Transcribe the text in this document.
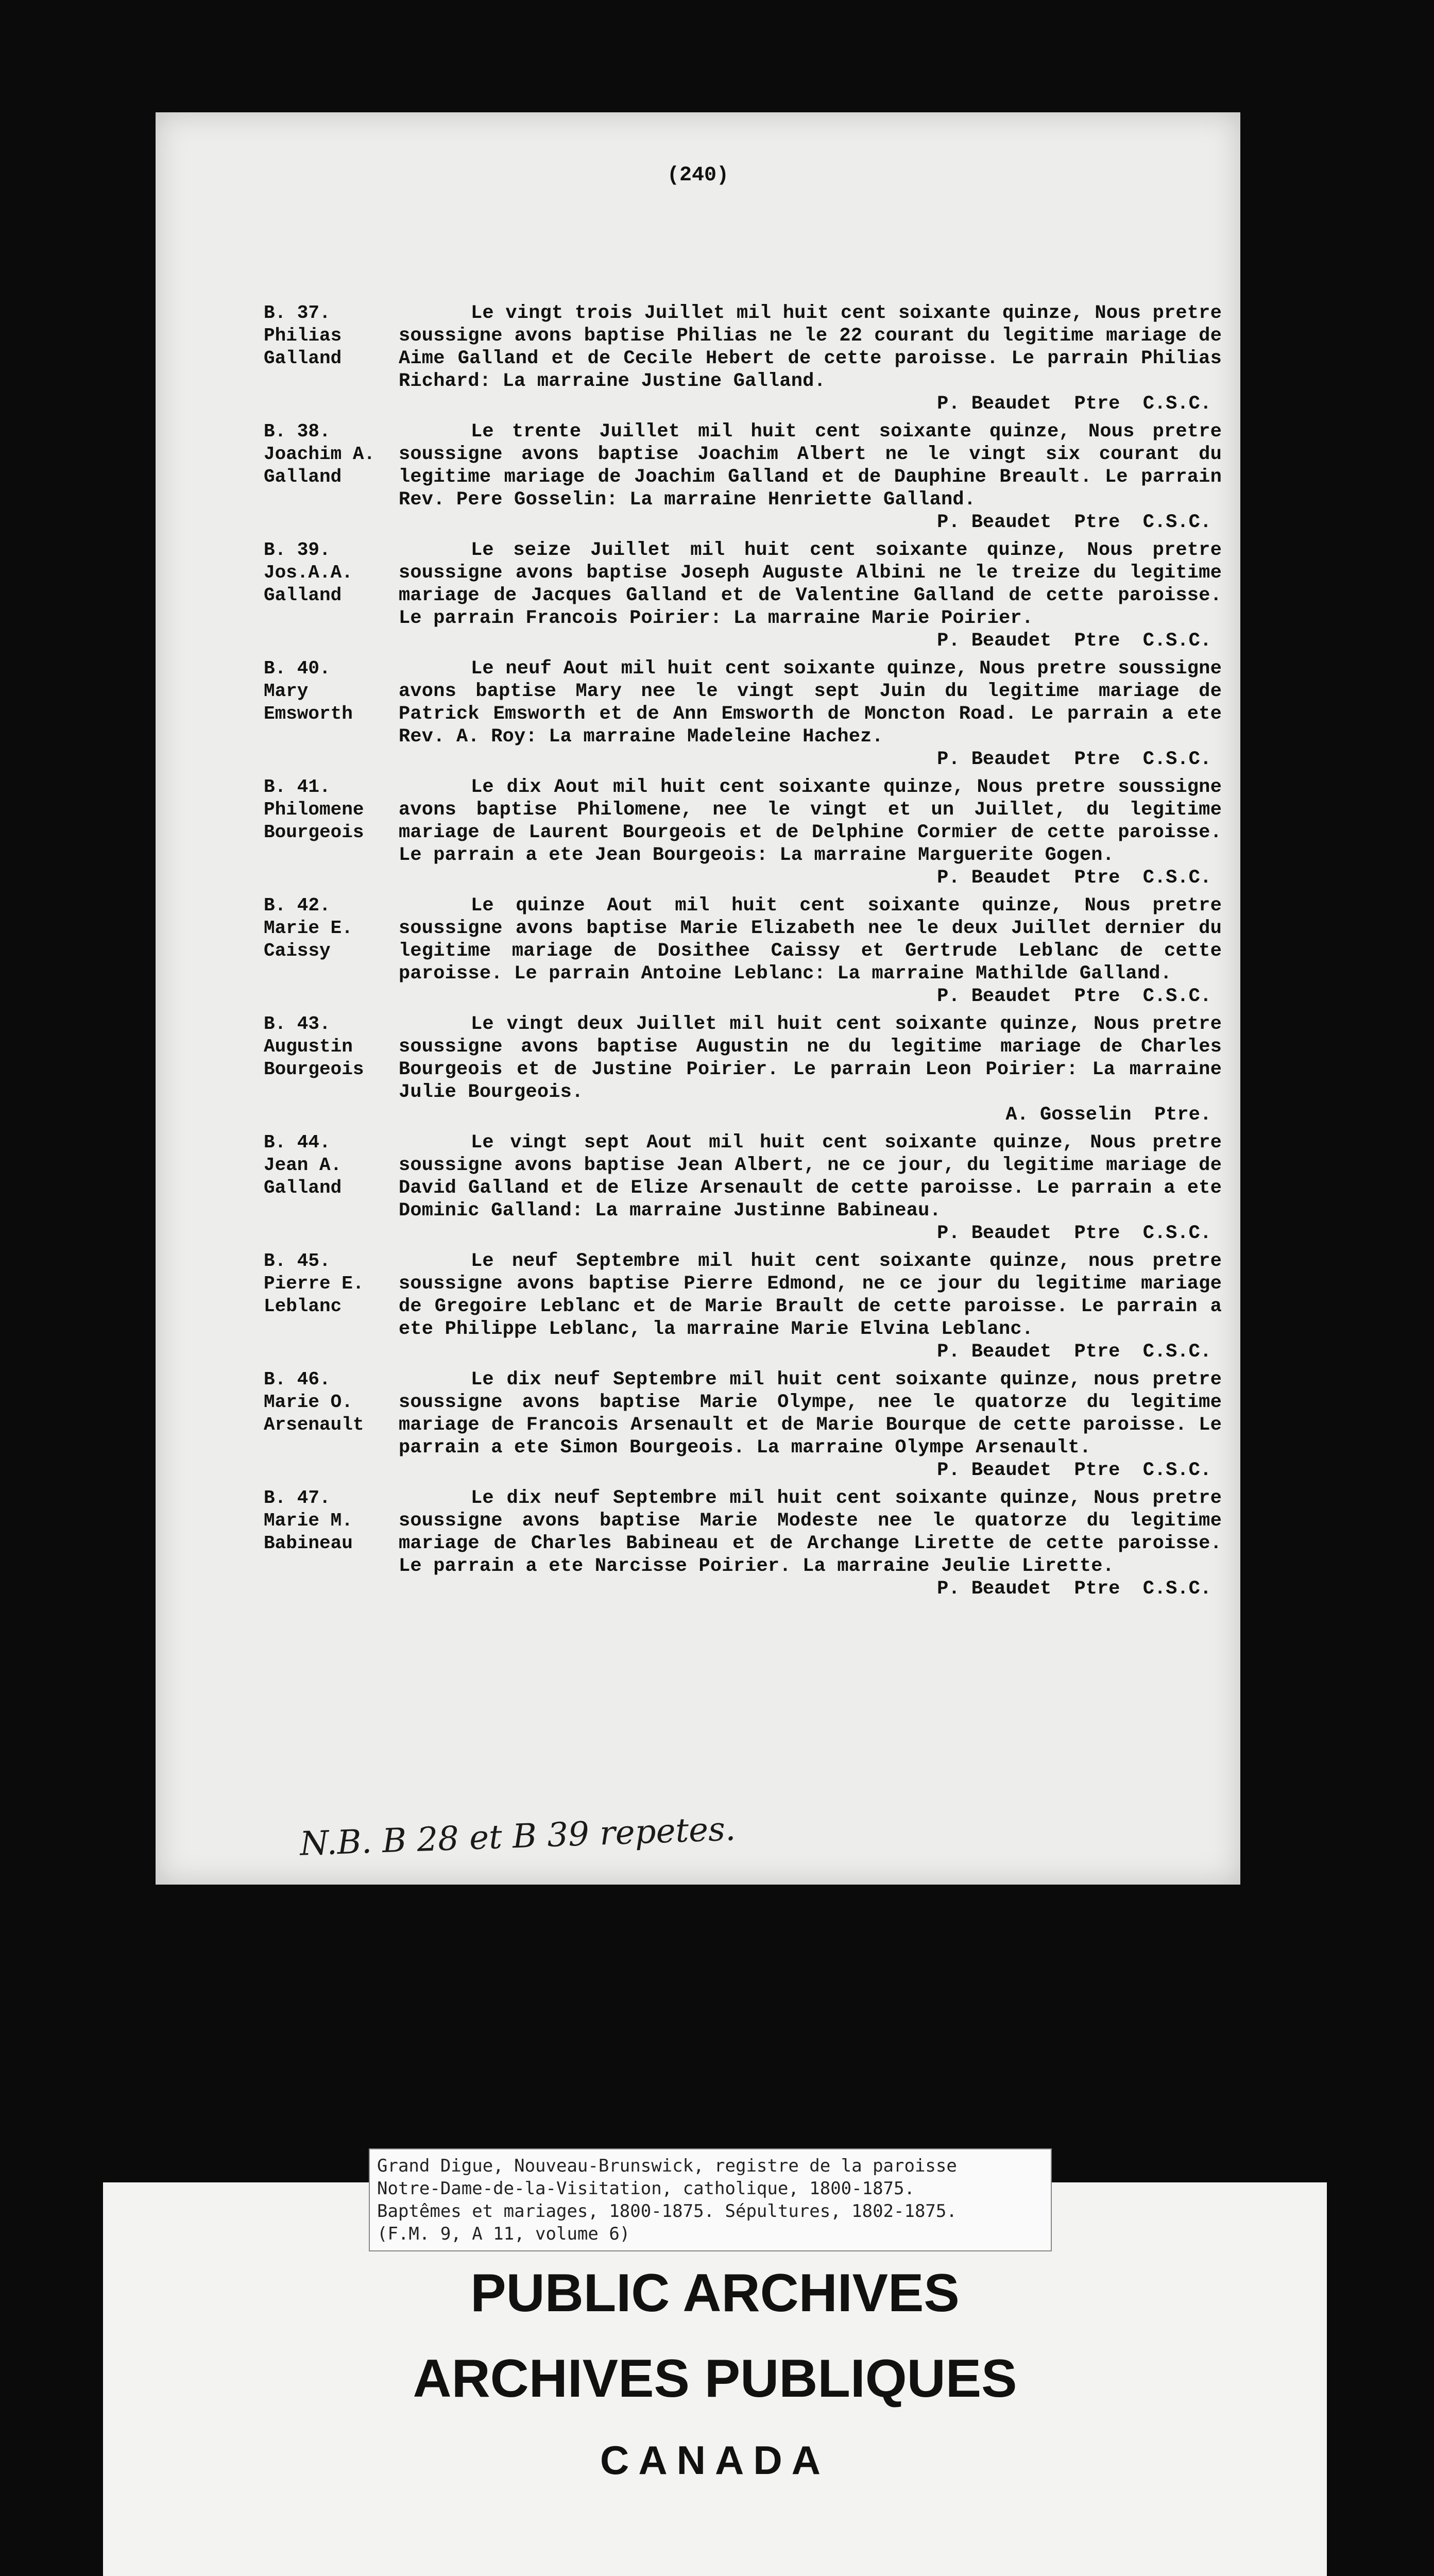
(240)
B. 37.
Philias
Galland
Le vingt trois Juillet mil huit cent soixante quinze, Nous pretre soussigne avons baptise Philias ne le 22 courant du legitime mariage de Aime Galland et de Cecile Hebert de cette paroisse. Le parrain Philias Richard: La marraine Justine Galland.
P. Beaudet  Ptre  C.S.C.
B. 38.
Joachim A.
Galland
Le trente Juillet mil huit cent soixante quinze, Nous pretre soussigne avons baptise Joachim Albert ne le vingt six courant du legitime mariage de Joachim Galland et de Dauphine Breault. Le parrain Rev. Pere Gosselin: La marraine Henriette Galland.
P. Beaudet  Ptre  C.S.C.
B. 39.
Jos.A.A.
Galland
Le seize Juillet mil huit cent soixante quinze, Nous pretre soussigne avons baptise Joseph Auguste Albini ne le treize du legitime mariage de Jacques Galland et de Valentine Galland de cette paroisse. Le parrain Francois Poirier: La marraine Marie Poirier.
P. Beaudet  Ptre  C.S.C.
B. 40.
Mary
Emsworth
Le neuf Aout mil huit cent soixante quinze, Nous pretre soussigne avons baptise Mary nee le vingt sept Juin du legitime mariage de Patrick Emsworth et de Ann Emsworth de Moncton Road. Le parrain a ete Rev. A. Roy: La marraine Madeleine Hachez.
P. Beaudet  Ptre  C.S.C.
B. 41.
Philomene
Bourgeois
Le dix Aout mil huit cent soixante quinze, Nous pretre soussigne avons baptise Philomene, nee le vingt et un Juillet, du legitime mariage de Laurent Bourgeois et de Delphine Cormier de cette paroisse. Le parrain a ete Jean Bourgeois: La marraine Marguerite Gogen.
P. Beaudet  Ptre  C.S.C.
B. 42.
Marie E.
Caissy
Le quinze Aout mil huit cent soixante quinze, Nous pretre soussigne avons baptise Marie Elizabeth nee le deux Juillet dernier du legitime mariage de Dosithee Caissy et Gertrude Leblanc de cette paroisse. Le parrain Antoine Leblanc: La marraine Mathilde Galland.
P. Beaudet  Ptre  C.S.C.
B. 43.
Augustin
Bourgeois
Le vingt deux Juillet mil huit cent soixante quinze, Nous pretre soussigne avons baptise Augustin ne du legitime mariage de Charles Bourgeois et de Justine Poirier. Le parrain Leon Poirier: La marraine Julie Bourgeois.
A. Gosselin  Ptre.
B. 44.
Jean A.
Galland
Le vingt sept Aout mil huit cent soixante quinze, Nous pretre soussigne avons baptise Jean Albert, ne ce jour, du legitime mariage de David Galland et de Elize Arsenault de cette paroisse. Le parrain a ete Dominic Galland: La marraine Justinne Babineau.
P. Beaudet  Ptre  C.S.C.
B. 45.
Pierre E.
Leblanc
Le neuf Septembre mil huit cent soixante quinze, nous pretre soussigne avons baptise Pierre Edmond, ne ce jour du legitime mariage de Gregoire Leblanc et de Marie Brault de cette paroisse. Le parrain a ete Philippe Leblanc, la marraine Marie Elvina Leblanc.
P. Beaudet  Ptre  C.S.C.
B. 46.
Marie O.
Arsenault
Le dix neuf Septembre mil huit cent soixante quinze, nous pretre soussigne avons baptise Marie Olympe, nee le quatorze du legitime mariage de Francois Arsenault et de Marie Bourque de cette paroisse. Le parrain a ete Simon Bourgeois. La marraine Olympe Arsenault.
P. Beaudet  Ptre  C.S.C.
B. 47.
Marie M.
Babineau
Le dix neuf Septembre mil huit cent soixante quinze, Nous pretre soussigne avons baptise Marie Modeste nee le quatorze du legitime mariage de Charles Babineau et de Archange Lirette de cette paroisse. Le parrain a ete Narcisse Poirier. La marraine Jeulie Lirette.
P. Beaudet  Ptre  C.S.C.
N.B. B 28 et B 39 repetes.
Grand Digue, Nouveau-Brunswick, registre de la paroisse
Notre-Dame-de-la-Visitation, catholique, 1800-1875.
Baptêmes et mariages, 1800-1875. Sépultures, 1802-1875.
(F.M. 9, A 11, volume 6)
PUBLIC ARCHIVES
ARCHIVES PUBLIQUES
CANADA
